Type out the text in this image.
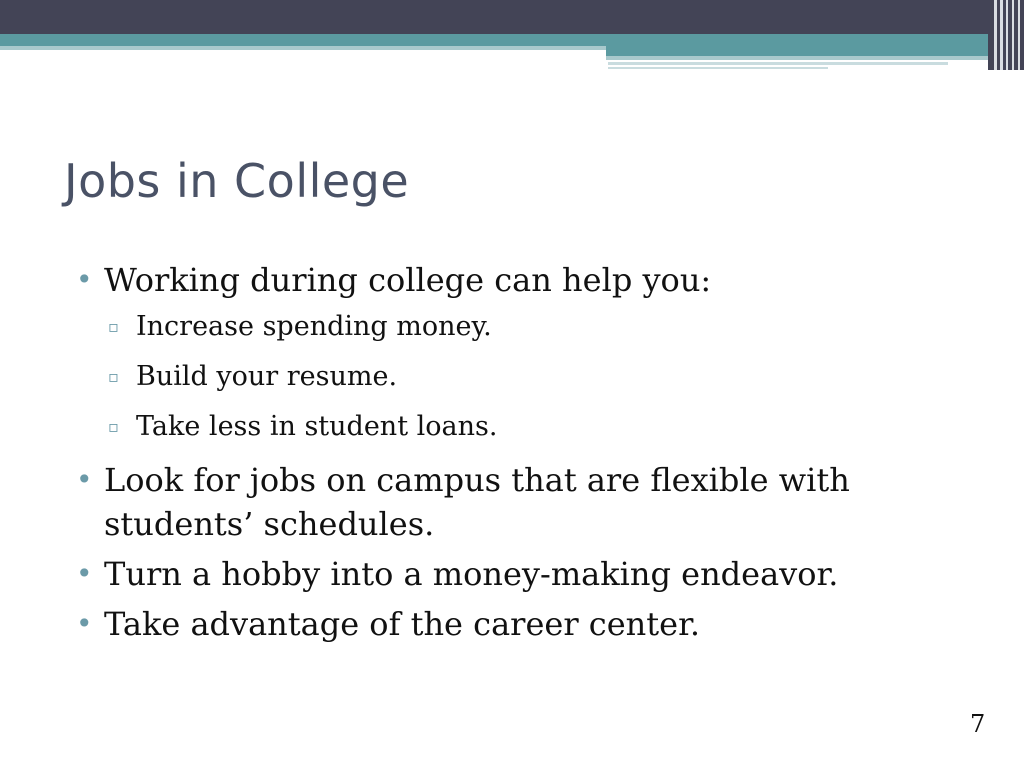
Jobs in College
• Working during college can help you:
▫ Increase spending money.
▫ Build your resume.
▫ Take less in student loans.
• Look for jobs on campus that are flexible with students’ schedules.
• Turn a hobby into a money-making endeavor.
• Take advantage of the career center.
7
